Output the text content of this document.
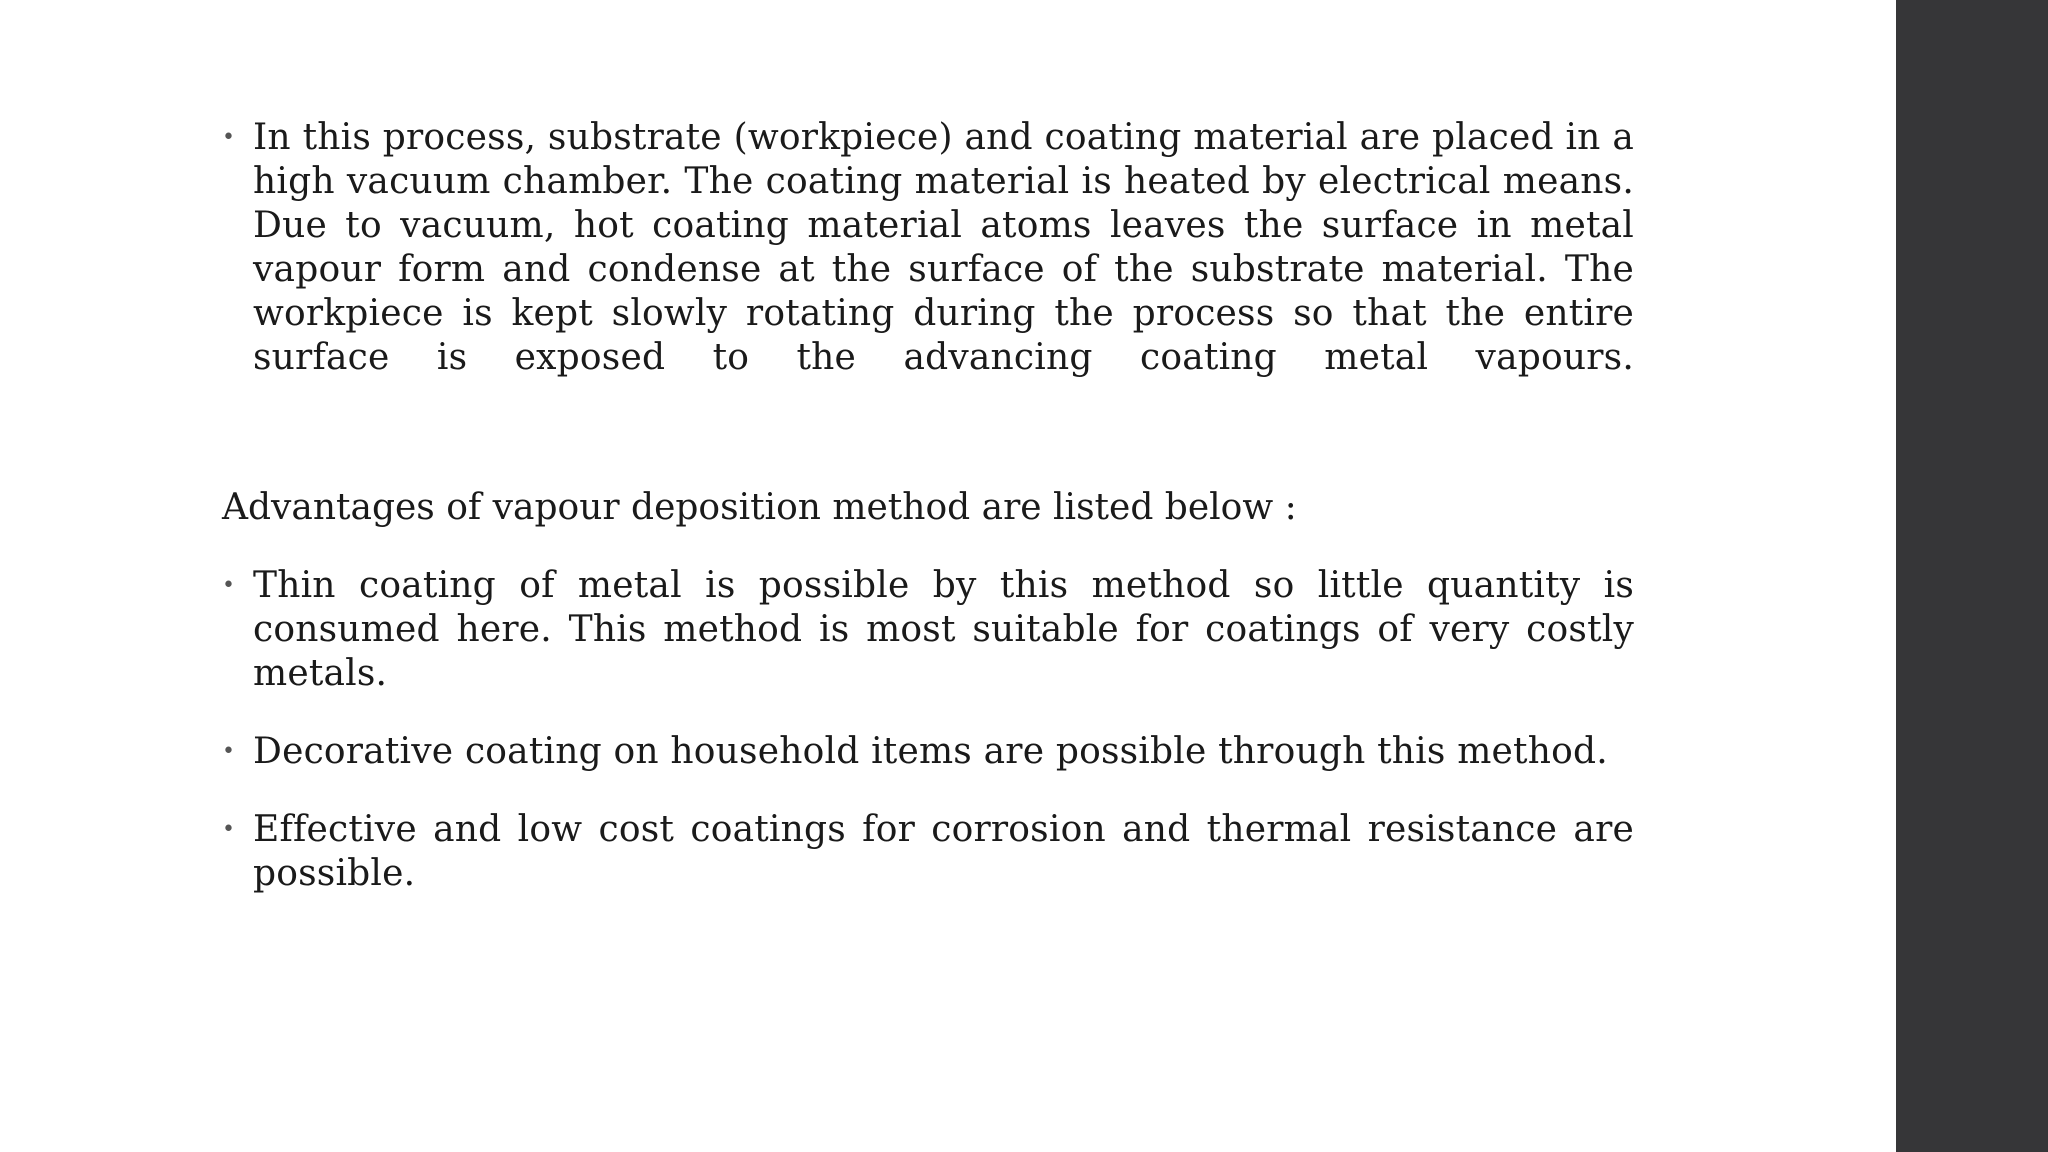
• In this process, substrate (workpiece) and coating material are placed in a high vacuum chamber. The coating material is heated by electrical means. Due to vacuum, hot coating material atoms leaves the surface in metal vapour form and condense at the surface of the substrate material. The workpiece is kept slowly rotating during the process so that the entire surface is exposed to the advancing coating metal vapours.
Advantages of vapour deposition method are listed below :
• Thin coating of metal is possible by this method so little quantity is consumed here. This method is most suitable for coatings of very costly metals.
• Decorative coating on household items are possible through this method.
• Effective and low cost coatings for corrosion and thermal resistance are possible.
